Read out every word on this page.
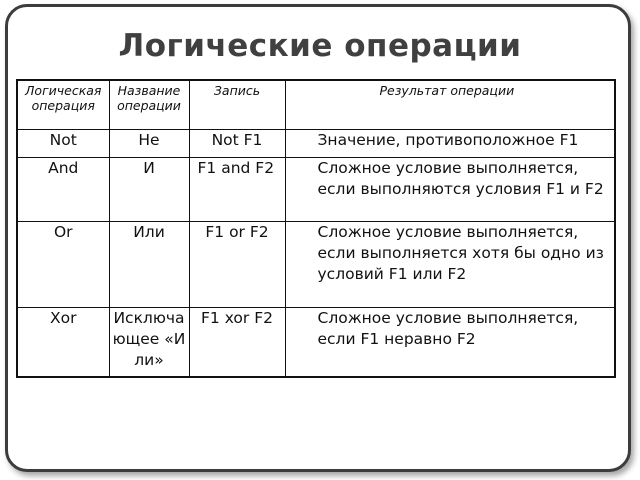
Логические операции
Логическая операция	Название операции	Запись	Результат операции
Not	Не	Not F1	Значение, противоположное F1
And	И	F1 and F2	Сложное условие выполняется, если выполняются условия F1 и F2
Or	Или	F1 or F2	Сложное условие выполняется, если выполняется хотя бы одно из условий F1 или F2
Xor	Исключающее «Или»	F1 xor F2	Сложное условие выполняется, если F1 неравно F2
